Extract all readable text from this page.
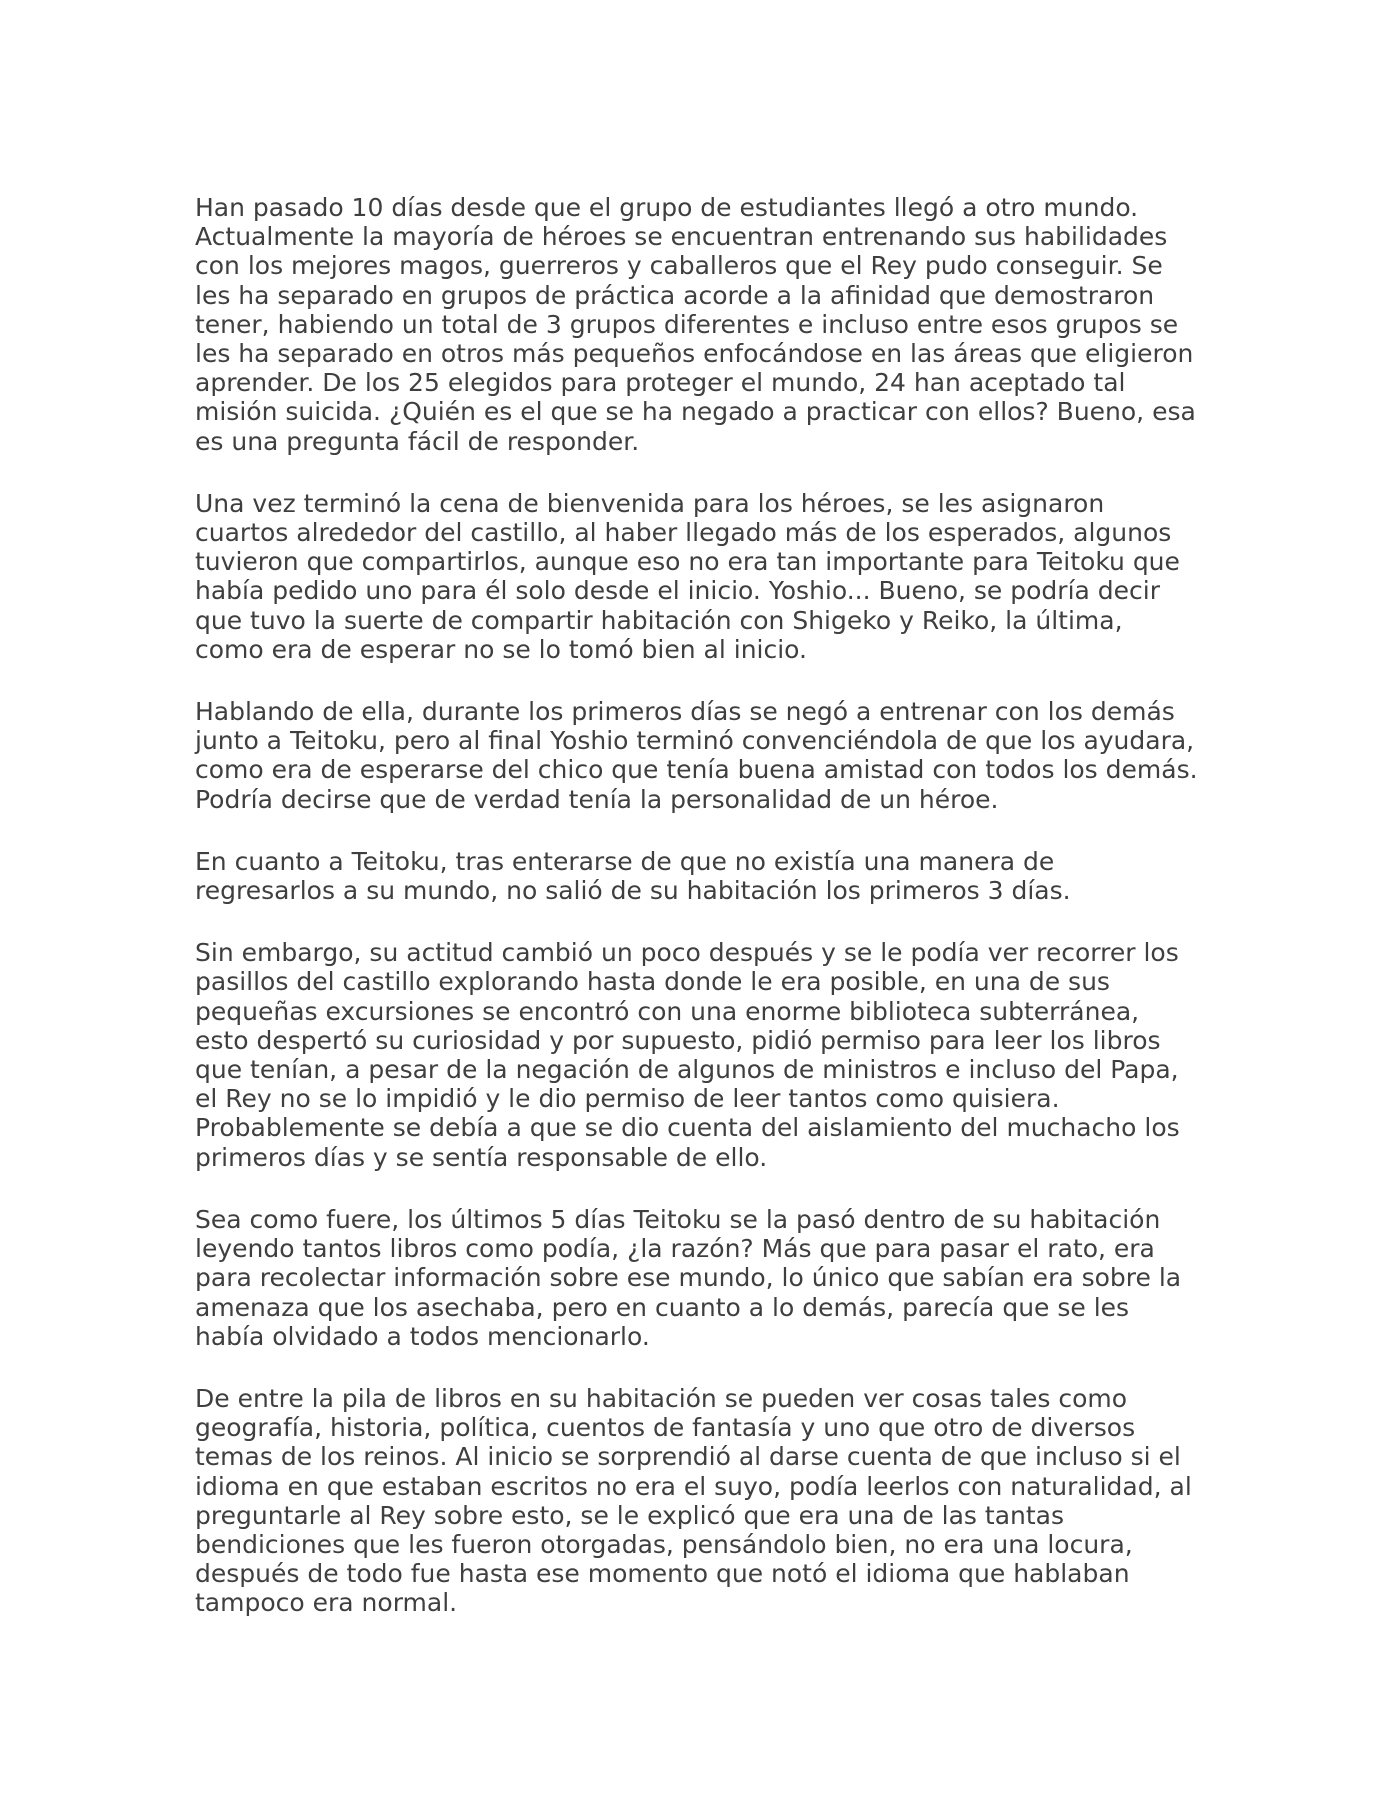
Han pasado 10 días desde que el grupo de estudiantes llegó a otro mundo.
Actualmente la mayoría de héroes se encuentran entrenando sus habilidades
con los mejores magos, guerreros y caballeros que el Rey pudo conseguir. Se
les ha separado en grupos de práctica acorde a la afinidad que demostraron
tener, habiendo un total de 3 grupos diferentes e incluso entre esos grupos se
les ha separado en otros más pequeños enfocándose en las áreas que eligieron
aprender. De los 25 elegidos para proteger el mundo, 24 han aceptado tal
misión suicida. ¿Quién es el que se ha negado a practicar con ellos? Bueno, esa
es una pregunta fácil de responder.

Una vez terminó la cena de bienvenida para los héroes, se les asignaron
cuartos alrededor del castillo, al haber llegado más de los esperados, algunos
tuvieron que compartirlos, aunque eso no era tan importante para Teitoku que
había pedido uno para él solo desde el inicio. Yoshio... Bueno, se podría decir
que tuvo la suerte de compartir habitación con Shigeko y Reiko, la última,
como era de esperar no se lo tomó bien al inicio.

Hablando de ella, durante los primeros días se negó a entrenar con los demás
junto a Teitoku, pero al final Yoshio terminó convenciéndola de que los ayudara,
como era de esperarse del chico que tenía buena amistad con todos los demás.
Podría decirse que de verdad tenía la personalidad de un héroe.

En cuanto a Teitoku, tras enterarse de que no existía una manera de
regresarlos a su mundo, no salió de su habitación los primeros 3 días.

Sin embargo, su actitud cambió un poco después y se le podía ver recorrer los
pasillos del castillo explorando hasta donde le era posible, en una de sus
pequeñas excursiones se encontró con una enorme biblioteca subterránea,
esto despertó su curiosidad y por supuesto, pidió permiso para leer los libros
que tenían, a pesar de la negación de algunos de ministros e incluso del Papa,
el Rey no se lo impidió y le dio permiso de leer tantos como quisiera.
Probablemente se debía a que se dio cuenta del aislamiento del muchacho los
primeros días y se sentía responsable de ello.

Sea como fuere, los últimos 5 días Teitoku se la pasó dentro de su habitación
leyendo tantos libros como podía, ¿la razón? Más que para pasar el rato, era
para recolectar información sobre ese mundo, lo único que sabían era sobre la
amenaza que los asechaba, pero en cuanto a lo demás, parecía que se les
había olvidado a todos mencionarlo.

De entre la pila de libros en su habitación se pueden ver cosas tales como
geografía, historia, política, cuentos de fantasía y uno que otro de diversos
temas de los reinos. Al inicio se sorprendió al darse cuenta de que incluso si el
idioma en que estaban escritos no era el suyo, podía leerlos con naturalidad, al
preguntarle al Rey sobre esto, se le explicó que era una de las tantas
bendiciones que les fueron otorgadas, pensándolo bien, no era una locura,
después de todo fue hasta ese momento que notó el idioma que hablaban
tampoco era normal.
